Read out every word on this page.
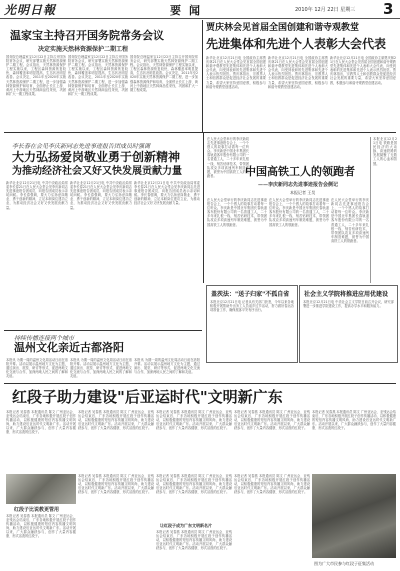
光明日報	要闻	2010年 12月 22日 星期三 3
温家宝主持召开国务院常务会议
决定实施天然林资源保护二期工程
国务院总理温家宝12月22日主持召开国务院常务会议，研究部署实施天然林资源保护二期工程。会议指出，天然林资源保护工程实施以来，工程区森林资源恢复较快，森林覆盖率明显提高，生态状况明显改善。会议决定，2011年至2020年实施天然林资源保护二期工程，进一步加强森林资源保护和培育，全面停止长江上游、黄河上中游地区天然林商品性采伐，巩固和扩大一期工程成果。
国务院总理温家宝12月22日主持召开国务院常务会议，研究部署实施天然林资源保护二期工程。会议指出，天然林资源保护工程实施以来，工程区森林资源恢复较快，森林覆盖率明显提高，生态状况明显改善。会议决定，2011年至2020年实施天然林资源保护二期工程，进一步加强森林资源保护和培育，全面停止长江上游、黄河上中游地区天然林商品性采伐，巩固和扩大一期工程成果。
国务院总理温家宝12月22日主持召开国务院常务会议，研究部署实施天然林资源保护二期工程。会议指出，天然林资源保护工程实施以来，工程区森林资源恢复较快，森林覆盖率明显提高，生态状况明显改善。会议决定，2011年至2020年实施天然林资源保护二期工程，进一步加强森林资源保护和培育，全面停止长江上游、黄河上中游地区天然林商品性采伐，巩固和扩大一期工程成果。
贾庆林会见首届全国创建和谐寺观教堂
先进集体和先进个人表彰大会代表
新华社北京12月21日电 全国政协主席贾庆林21日在人民大会堂会见首届全国创建和谐寺观教堂先进集体和先进个人表彰大会代表，向受到表彰的先进集体和先进个人表示热烈祝贺。贾庆林指出，宗教界人士和信教群众是促进经济社会发展的重要力量，希望大家坚持爱国爱教，积极参与和谐寺观教堂创建活动。
新华社北京12月21日电 全国政协主席贾庆林21日在人民大会堂会见首届全国创建和谐寺观教堂先进集体和先进个人表彰大会代表，向受到表彰的先进集体和先进个人表示热烈祝贺。贾庆林指出，宗教界人士和信教群众是促进经济社会发展的重要力量，希望大家坚持爱国爱教，积极参与和谐寺观教堂创建活动。
新华社北京12月21日电 全国政协主席贾庆林21日在人民大会堂会见首届全国创建和谐寺观教堂先进集体和先进个人表彰大会代表，向受到表彰的先进集体和先进个人表示热烈祝贺。贾庆林指出，宗教界人士和信教群众是促进经济社会发展的重要力量，希望大家坚持爱国爱教，积极参与和谐寺观教堂创建活动。
李长春在会见李庆新同志先进事迹报告团成员时强调
大力弘扬爱岗敬业勇于创新精神
为推动经济社会又好又快发展贡献力量
新华社北京12月21日电 中共中央政治局常委李长春21日在人民大会堂会见李庆新同志先进事迹报告团成员，向报告团成员表示亲切问候。李长春强调，要大力弘扬爱岗敬业、勇于创新的精神，立足本职岗位建功立业，为推动经济社会又好又快发展贡献力量。
新华社北京12月21日电 中共中央政治局常委李长春21日在人民大会堂会见李庆新同志先进事迹报告团成员，向报告团成员表示亲切问候。李长春强调，要大力弘扬爱岗敬业、勇于创新的精神，立足本职岗位建功立业，为推动经济社会又好又快发展贡献力量。
新华社北京12月21日电 中共中央政治局常委李长春21日在人民大会堂会见李庆新同志先进事迹报告团成员，向报告团成员表示亲切问候。李长春强调，要大力弘扬爱岗敬业、勇于创新的精神，立足本职岗位建功立业，为推动经济社会又好又快发展贡献力量。
在人民大会堂举行的李庆新同志先进事迹报告会上，一个个感人的故事打动着每一位听众。李庆新是中国北车集团长春轨道客车股份有限公司的一名普通工人，二十多年来扎根一线，刻苦钻研技术，带领团队攻克多项高速列车制造难题，被誉为中国高铁工人的领跑者。	中国高铁工人的领跑者
——李庆新同志先进事迹报告会侧记
本报记者 王昊
在人民大会堂举行的李庆新同志先进事迹报告会上，一个个感人的故事打动着每一位听众。李庆新是中国北车集团长春轨道客车股份有限公司的一名普通工人，二十多年来扎根一线，刻苦钻研技术，带领团队攻克多项高速列车制造难题，被誉为中国高铁工人的领跑者。
在人民大会堂举行的李庆新同志先进事迹报告会上，一个个感人的故事打动着每一位听众。李庆新是中国北车集团长春轨道客车股份有限公司的一名普通工人，二十多年来扎根一线，刻苦钻研技术，带领团队攻克多项高速列车制造难题，被誉为中国高铁工人的领跑者。
在人民大会堂举行的李庆新同志先进事迹报告会上，一个个感人的故事打动着每一位听众。李庆新是中国北车集团长春轨道客车股份有限公司的一名普通工人，二十多年来扎根一线，刻苦钻研技术，带领团队攻克多项高速列车制造难题，被誉为中国高铁工人的领跑者。
本报北京12月21日电 铁路是国民经济的大动脉，高速铁路的发展凝聚了无数工人的心血和智慧。
持续传播连接两个城市
温州文化亲近古都洛阳
本报讯 为期一周的温州文化周活动日前在洛阳开幕。活动以展示温州地方文化为主题，通过演出、展览、研讨等形式，促进两地文化交流与合作，加深两地人民之间的了解和友谊。
本报讯 为期一周的温州文化周活动日前在洛阳开幕。活动以展示温州地方文化为主题，通过演出、展览、研讨等形式，促进两地文化交流与合作，加深两地人民之间的了解和友谊。
本报讯 为期一周的温州文化周活动日前在洛阳开幕。活动以展示温州地方文化为主题，通过演出、展览、研讨等形式，促进两地文化交流与合作，加深两地人民之间的了解和友谊。
盖茨法："送子归家"不孤自省
本报北京12月21日电 记者从有关部门获悉，今年以来各地积极开展帮助外出务工人员返乡过节活动，努力做好春运各项准备工作，确保旅客平安有序出行。
社会主义学院将推进应用优建设
本报北京12月21日电 中央社会主义学院日前召开会议，研究部署进一步推进学院建设工作，提高办学水平和服务能力。
红段子助力建设"后亚运时代"文明新广东
本报记者 吴春燕 本报通讯员 陈文 广州亚运会、亚残运会结束后，广东各地积极开展红段子创作传播活动，以积极健康的短信内容传播文明风尚，助力建设后亚运时代文明新广东。活动开展以来，广大群众踊跃参与，创作了大量内容健康、形式活泼的红段子。
本报记者 吴春燕 本报通讯员 陈文 广州亚运会、亚残运会结束后，广东各地积极开展红段子创作传播活动，以积极健康的短信内容传播文明风尚，助力建设后亚运时代文明新广东。活动开展以来，广大群众踊跃参与，创作了大量内容健康、形式活泼的红段子。
本报记者 吴春燕 本报通讯员 陈文 广州亚运会、亚残运会结束后，广东各地积极开展红段子创作传播活动，以积极健康的短信内容传播文明风尚，助力建设后亚运时代文明新广东。活动开展以来，广大群众踊跃参与，创作了大量内容健康、形式活泼的红段子。
本报记者 吴春燕 本报通讯员 陈文 广州亚运会、亚残运会结束后，广东各地积极开展红段子创作传播活动，以积极健康的短信内容传播文明风尚，助力建设后亚运时代文明新广东。活动开展以来，广大群众踊跃参与，创作了大量内容健康、形式活泼的红段子。
本报记者 吴春燕 本报通讯员 陈文 广州亚运会、亚残运会结束后，广东各地积极开展红段子创作传播活动，以积极健康的短信内容传播文明风尚，助力建设后亚运时代文明新广东。活动开展以来，广大群众踊跃参与，创作了大量内容健康、形式活泼的红段子。
红段子比说教更管用
本报记者 吴春燕 本报通讯员 陈文 广州亚运会、亚残运会结束后，广东各地积极开展红段子创作传播活动，以积极健康的短信内容传播文明风尚，助力建设后亚运时代文明新广东。活动开展以来，广大群众踊跃参与，创作了大量内容健康、形式活泼的红段子。
本报记者 吴春燕 本报通讯员 陈文 广州亚运会、亚残运会结束后，广东各地积极开展红段子创作传播活动，以积极健康的短信内容传播文明风尚，助力建设后亚运时代文明新广东。活动开展以来，广大群众踊跃参与，创作了大量内容健康、形式活泼的红段子。
让红段子成为广东文明新名片
本报记者 吴春燕 本报通讯员 陈文 广州亚运会、亚残运会结束后，广东各地积极开展红段子创作传播活动，以积极健康的短信内容传播文明风尚，助力建设后亚运时代文明新广东。活动开展以来，广大群众踊跃参与，创作了大量内容健康、形式活泼的红段子。
本报记者 吴春燕 本报通讯员 陈文 广州亚运会、亚残运会结束后，广东各地积极开展红段子创作传播活动，以积极健康的短信内容传播文明风尚，助力建设后亚运时代文明新广东。活动开展以来，广大群众踊跃参与，创作了大量内容健康、形式活泼的红段子。
本报记者 吴春燕 本报通讯员 陈文 广州亚运会、亚残运会结束后，广东各地积极开展红段子创作传播活动，以积极健康的短信内容传播文明风尚，助力建设后亚运时代文明新广东。活动开展以来，广大群众踊跃参与，创作了大量内容健康、形式活泼的红段子。
图为广大市民参与红段子征集活动
